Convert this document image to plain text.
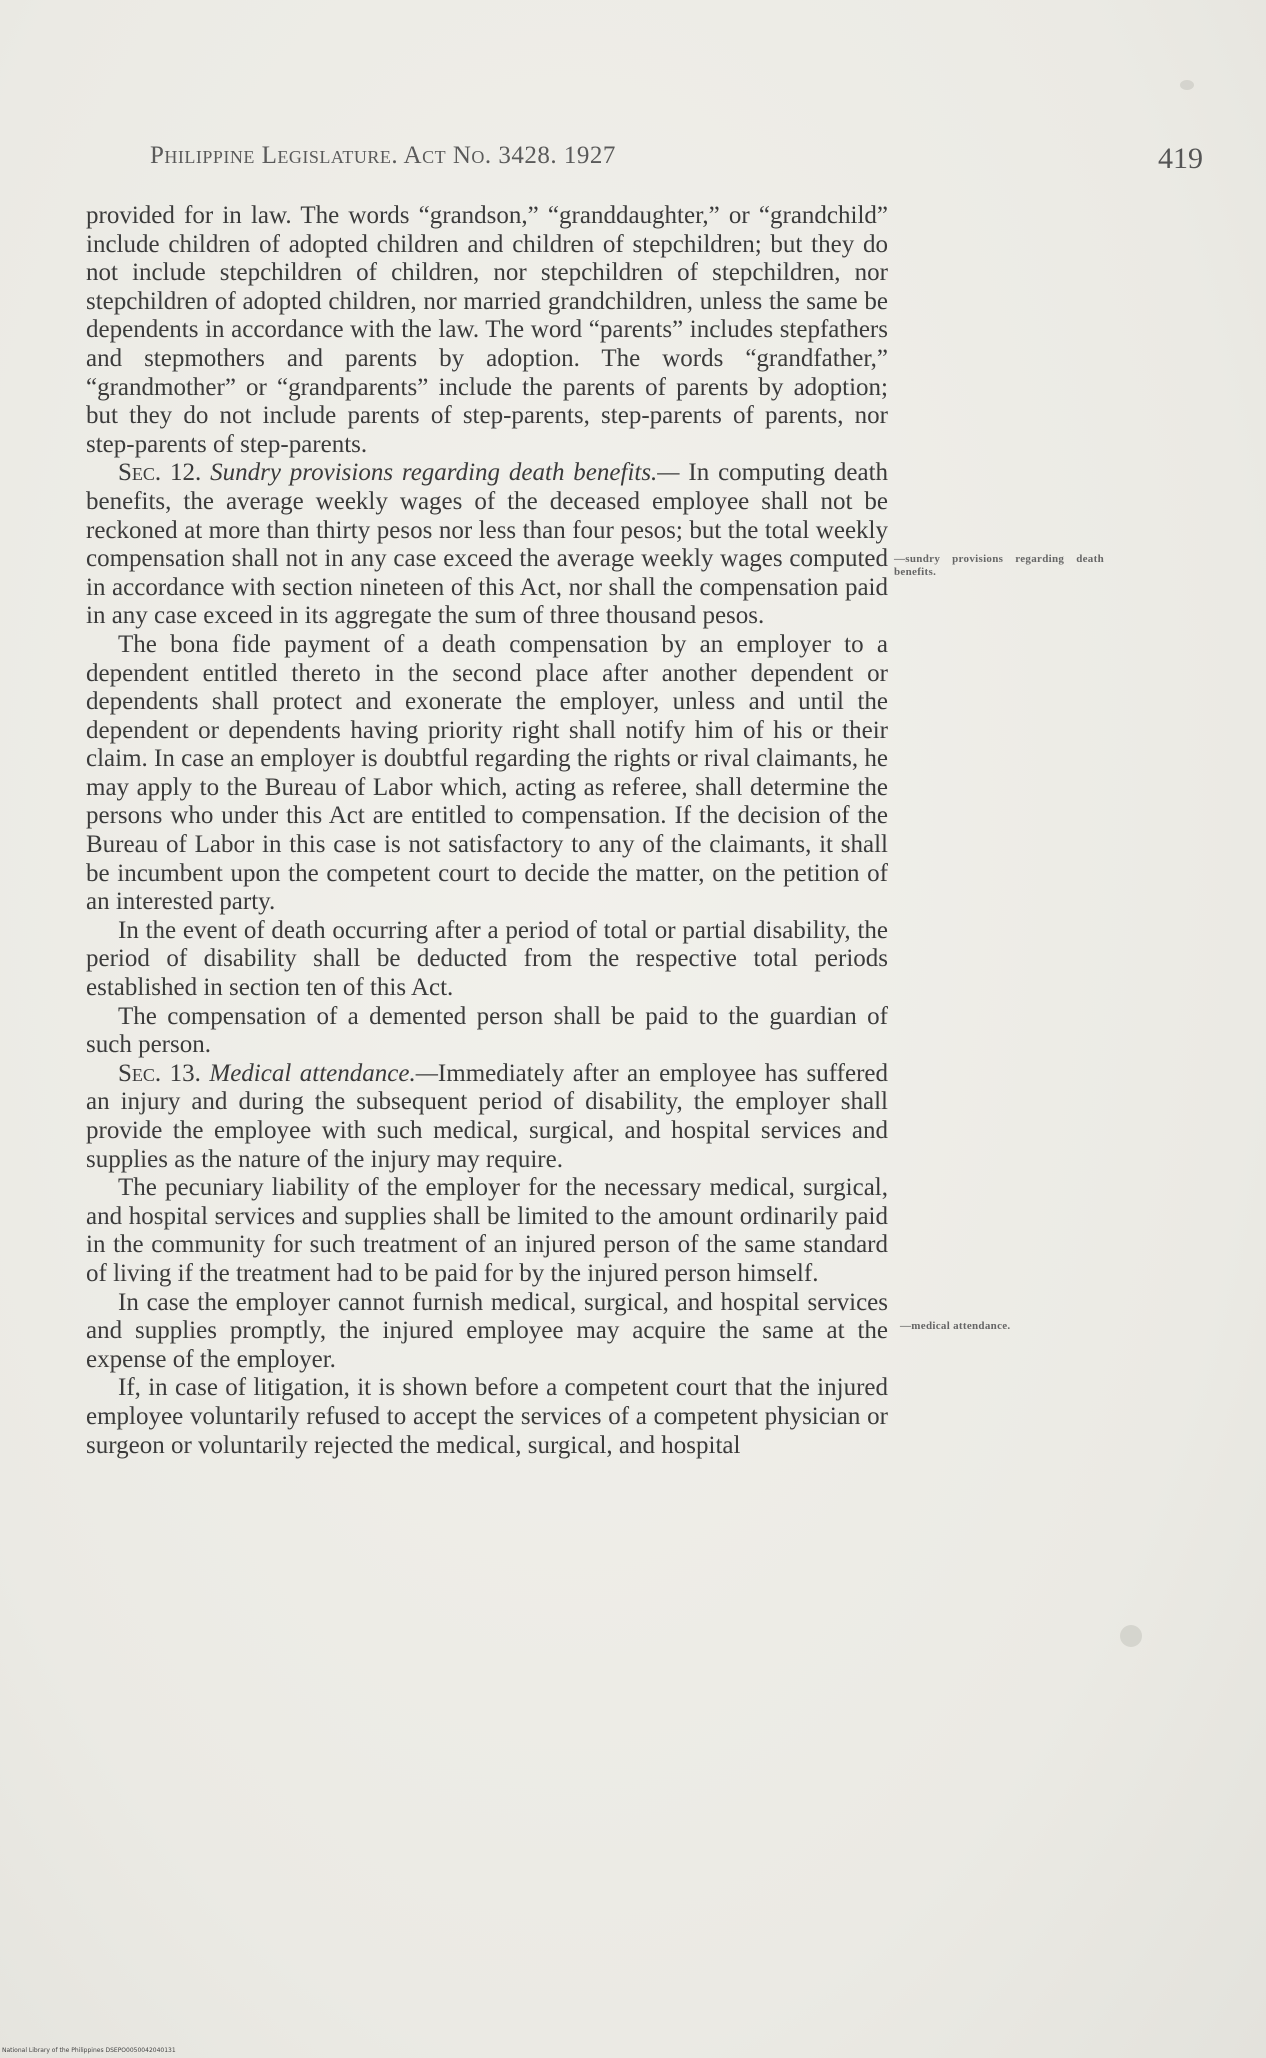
Philippine Legislature. Act No. 3428. 1927	419

provided for in law. The words “grandson,” “granddaughter,” or “grandchild” include children of adopted children and children of stepchildren; but they do not include stepchildren of children, nor stepchildren of stepchildren, nor stepchildren of adopted children, nor married grandchildren, unless the same be dependents in accordance with the law. The word “parents” includes stepfathers and stepmothers and parents by adoption. The words “grandfather,” “grandmother” or “grandparents” include the parents of parents by adoption; but they do not include parents of step-parents, step-parents of parents, nor step-parents of step-parents.

Sec. 12. Sundry provisions regarding death benefits.— In computing death benefits, the average weekly wages of the deceased employee shall not be reckoned at more than thirty pesos nor less than four pesos; but the total weekly compensation shall not in any case exceed the average weekly wages computed in accordance with section nineteen of this Act, nor shall the compensation paid in any case exceed in its aggregate the sum of three thousand pesos.

The bona fide payment of a death compensation by an employer to a dependent entitled thereto in the second place after another dependent or dependents shall protect and exonerate the employer, unless and until the dependent or dependents having priority right shall notify him of his or their claim. In case an employer is doubtful regarding the rights or rival claimants, he may apply to the Bureau of Labor which, acting as referee, shall determine the persons who under this Act are entitled to compensation. If the decision of the Bureau of Labor in this case is not satisfactory to any of the claimants, it shall be incumbent upon the competent court to decide the matter, on the petition of an interested party.

In the event of death occurring after a period of total or partial disability, the period of disability shall be deducted from the respective total periods established in section ten of this Act.

The compensation of a demented person shall be paid to the guardian of such person.

Sec. 13. Medical attendance.—Immediately after an employee has suffered an injury and during the subsequent period of disability, the employer shall provide the employee with such medical, surgical, and hospital services and supplies as the nature of the injury may require.

The pecuniary liability of the employer for the necessary medical, surgical, and hospital services and supplies shall be limited to the amount ordinarily paid in the community for such treatment of an injured person of the same standard of living if the treatment had to be paid for by the injured person himself.

In case the employer cannot furnish medical, surgical, and hospital services and supplies promptly, the injured employee may acquire the same at the expense of the employer.

If, in case of litigation, it is shown before a competent court that the injured employee voluntarily refused to accept the services of a competent physician or surgeon or voluntarily rejected the medical, surgical, and hospital

—sundry provisions regarding death benefits.
—medical attendance.
National Library of the Philippines DSEPO0050042040131
